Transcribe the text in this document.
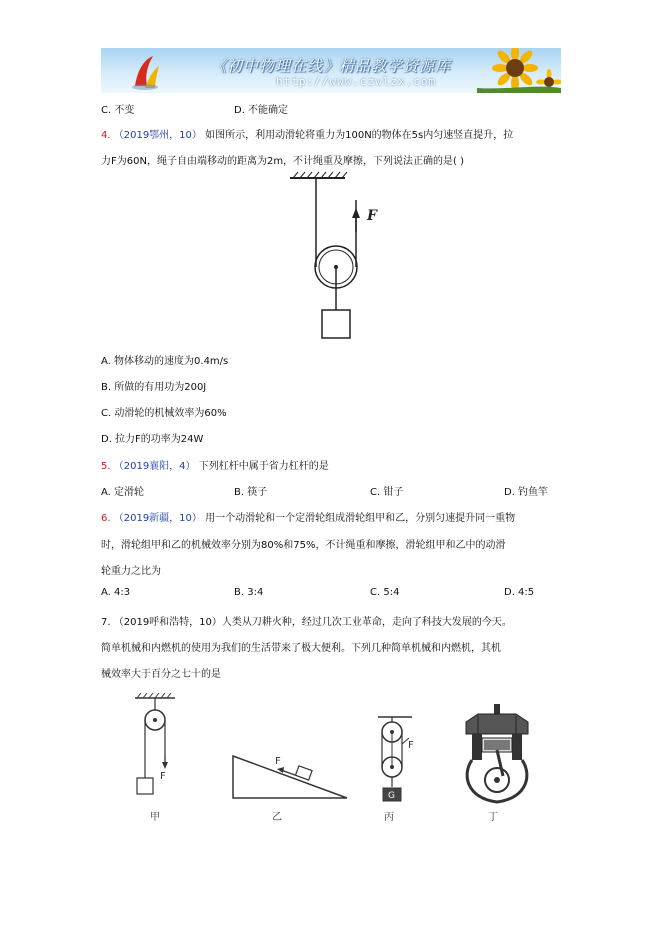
《初中物理在线》精品教学资源库
http://www.czwlzx.com
C. 不变	D. 不能确定
4. （2019鄂州，10） 如图所示，利用动滑轮将重力为100N的物体在5s内匀速竖直提升，拉
力F为60N，绳子自由端移动的距离为2m，不计绳重及摩擦，下列说法正确的是( )
F
A. 物体移动的速度为0.4m/s
B. 所做的有用功为200J
C. 动滑轮的机械效率为60%
D. 拉力F的功率为24W
5. （2019襄阳，4） 下列杠杆中属于省力杠杆的是
A. 定滑轮	B. 筷子	C. 钳子	D. 钓鱼竿
6. （2019新疆，10） 用一个动滑轮和一个定滑轮组成滑轮组甲和乙，分别匀速提升同一重物
时，滑轮组甲和乙的机械效率分别为80%和75%，不计绳重和摩擦，滑轮组甲和乙中的动滑
轮重力之比为
A. 4:3	B. 3:4	C. 5:4	D. 4:5
7. （2019呼和浩特，10）人类从刀耕火种，经过几次工业革命，走向了科技大发展的今天。
简单机械和内燃机的使用为我们的生活带来了极大便利。下列几种简单机械和内燃机，其机
械效率大于百分之七十的是
F
F
G
F
甲	乙	丙	丁
